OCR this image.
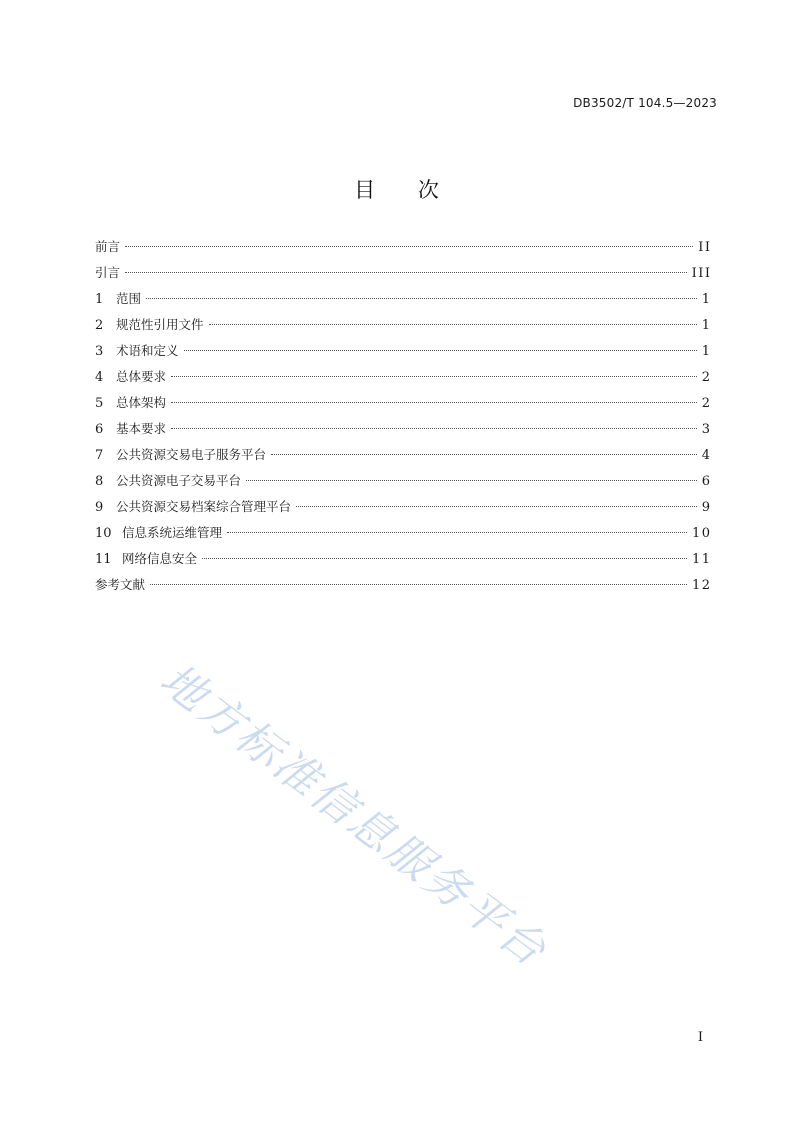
DB3502/T 104.5—2023
目 次
前言	II
引言	III
1	范围	1
2	规范性引用文件	1
3	术语和定义	1
4	总体要求	2
5	总体架构	2
6	基本要求	3
7	公共资源交易电子服务平台	4
8	公共资源电子交易平台	6
9	公共资源交易档案综合管理平台	9
10 信息系统运维管理	10
11 网络信息安全	11
参考文献	12
地方标准信息服务平台
I
